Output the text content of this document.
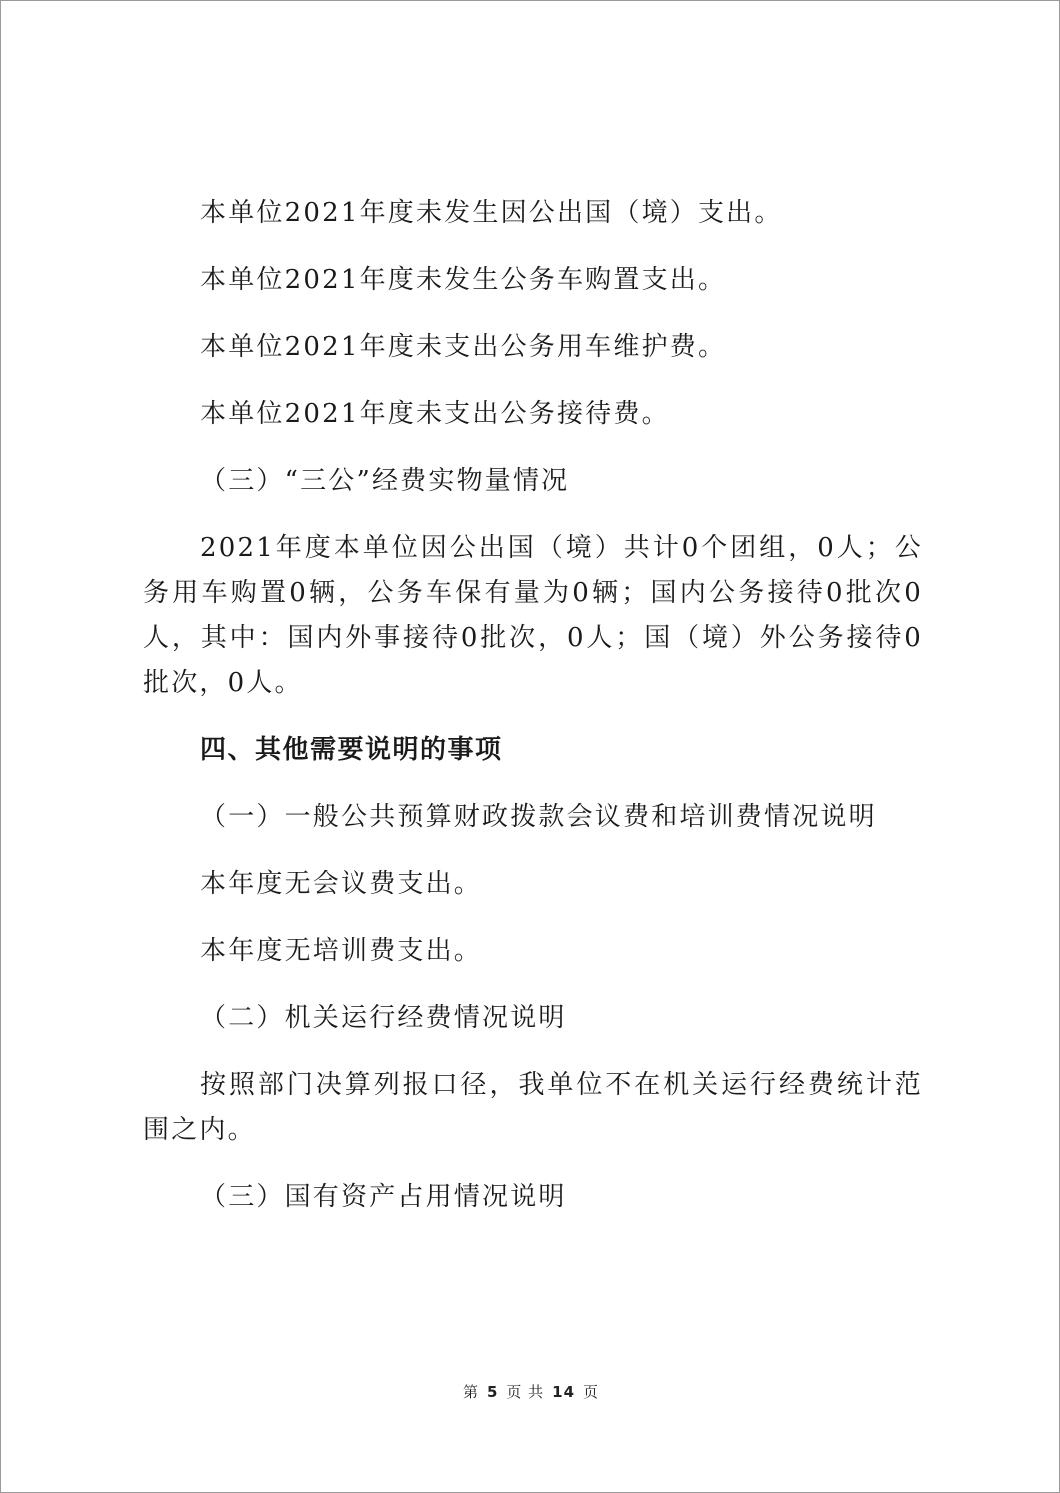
本单位2021年度未发生因公出国（境）支出。

本单位2021年度未发生公务车购置支出。

本单位2021年度未支出公务用车维护费。

本单位2021年度未支出公务接待费。

（三）“三公”经费实物量情况

2021年度本单位因公出国（境）共计0个团组，0人；公务用车购置0辆，公务车保有量为0辆；国内公务接待0批次0人，其中：国内外事接待0批次，0人；国（境）外公务接待0批次，0人。

四、其他需要说明的事项

（一）一般公共预算财政拨款会议费和培训费情况说明

本年度无会议费支出。

本年度无培训费支出。

（二）机关运行经费情况说明

按照部门决算列报口径，我单位不在机关运行经费统计范围之内。

（三）国有资产占用情况说明

第 5 页 共 14 页
